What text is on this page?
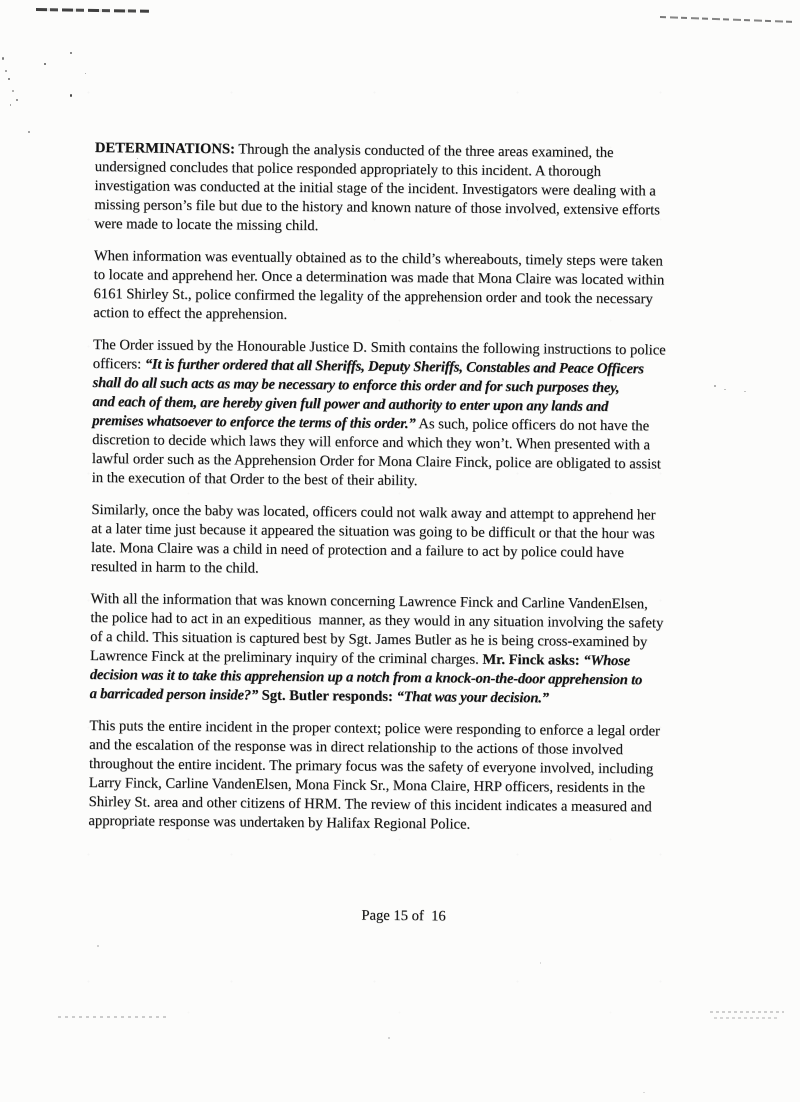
DETERMINATIONS: Through the analysis conducted of the three areas examined, the
undersigned concludes that police responded appropriately to this incident. A thorough
investigation was conducted at the initial stage of the incident. Investigators were dealing with a
missing person’s file but due to the history and known nature of those involved, extensive efforts
were made to locate the missing child.
When information was eventually obtained as to the child’s whereabouts, timely steps were taken
to locate and apprehend her. Once a determination was made that Mona Claire was located within
6161 Shirley St., police confirmed the legality of the apprehension order and took the necessary
action to effect the apprehension.
The Order issued by the Honourable Justice D. Smith contains the following instructions to police
officers: “It is further ordered that all Sheriffs, Deputy Sheriffs, Constables and Peace Officers
shall do all such acts as may be necessary to enforce this order and for such purposes they,
and each of them, are hereby given full power and authority to enter upon any lands and
premises whatsoever to enforce the terms of this order.” As such, police officers do not have the
discretion to decide which laws they will enforce and which they won’t. When presented with a
lawful order such as the Apprehension Order for Mona Claire Finck, police are obligated to assist
in the execution of that Order to the best of their ability.
Similarly, once the baby was located, officers could not walk away and attempt to apprehend her
at a later time just because it appeared the situation was going to be difficult or that the hour was
late. Mona Claire was a child in need of protection and a failure to act by police could have
resulted in harm to the child.
With all the information that was known concerning Lawrence Finck and Carline VandenElsen,
the police had to act in an expeditious  manner, as they would in any situation involving the safety
of a child. This situation is captured best by Sgt. James Butler as he is being cross-examined by
Lawrence Finck at the preliminary inquiry of the criminal charges. Mr. Finck asks: “Whose
decision was it to take this apprehension up a notch from a knock-on-the-door apprehension to
a barricaded person inside?” Sgt. Butler responds: “That was your decision.”
This puts the entire incident in the proper context; police were responding to enforce a legal order
and the escalation of the response was in direct relationship to the actions of those involved
throughout the entire incident. The primary focus was the safety of everyone involved, including
Larry Finck, Carline VandenElsen, Mona Finck Sr., Mona Claire, HRP officers, residents in the
Shirley St. area and other citizens of HRM. The review of this incident indicates a measured and
appropriate response was undertaken by Halifax Regional Police.
Page 15 of  16
